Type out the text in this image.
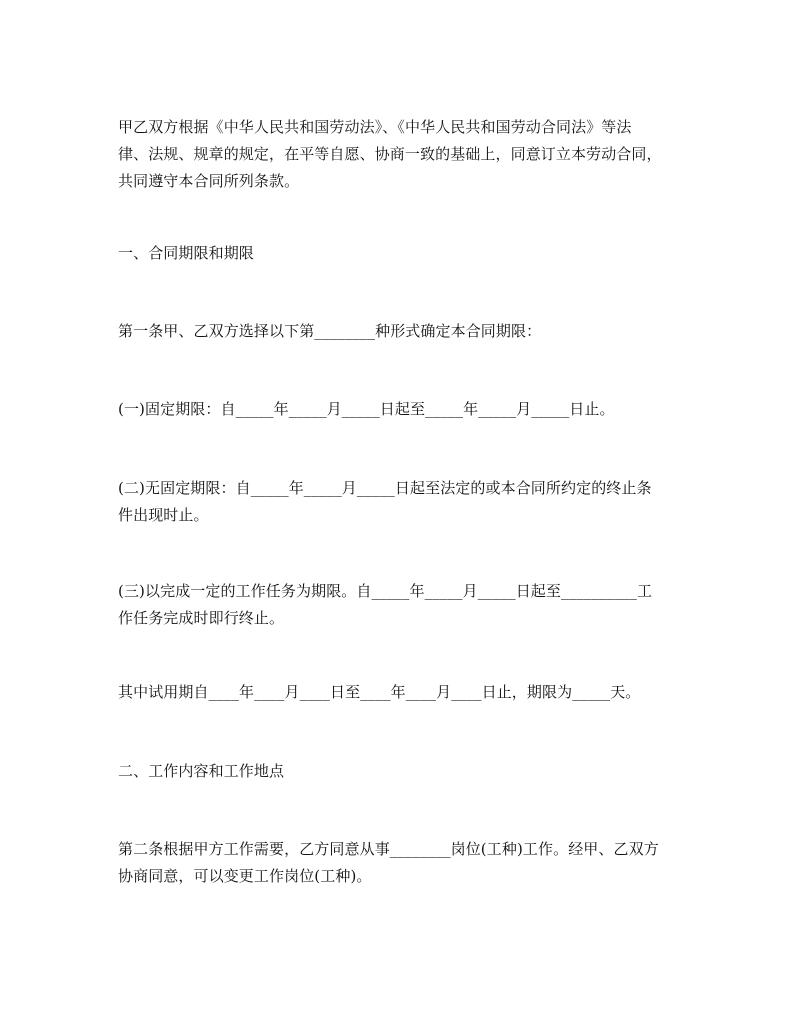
甲乙双方根据《中华人民共和国劳动法》、《中华人民共和国劳动合同法》等法
律、法规、规章的规定，在平等自愿、协商一致的基础上，同意订立本劳动合同，
共同遵守本合同所列条款。

一、合同期限和期限

第一条甲、乙双方选择以下第________种形式确定本合同期限：

(一)固定期限：自_____年_____月_____日起至_____年_____月_____日止。

(二)无固定期限：自_____年_____月_____日起至法定的或本合同所约定的终止条
件出现时止。

(三)以完成一定的工作任务为期限。自_____年_____月_____日起至__________工
作任务完成时即行终止。

其中试用期自____年____月____日至____年____月____日止，期限为_____天。

二、工作内容和工作地点

第二条根据甲方工作需要，乙方同意从事________岗位(工种)工作。经甲、乙双方
协商同意，可以变更工作岗位(工种)。
